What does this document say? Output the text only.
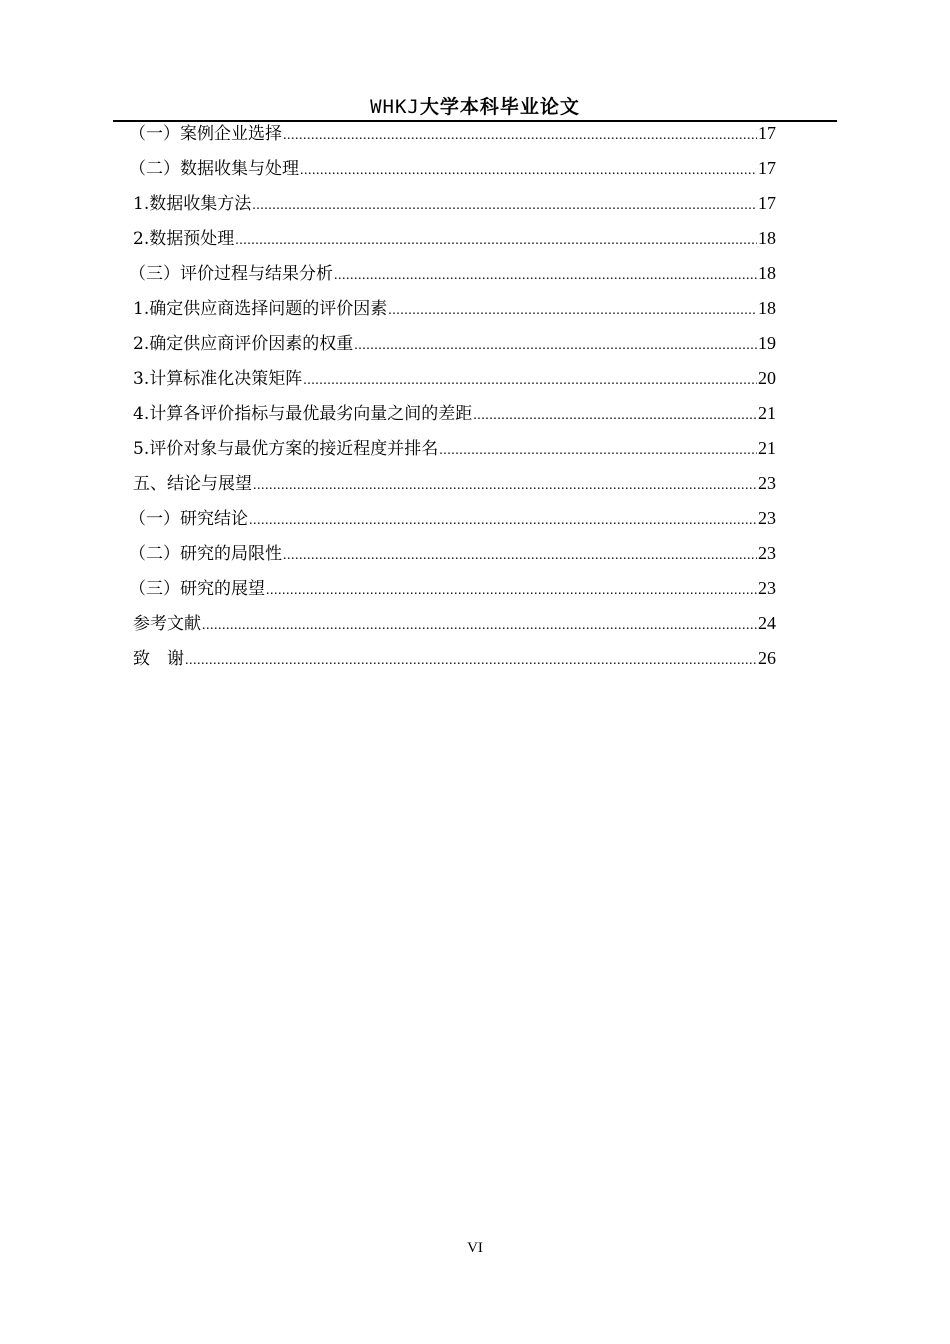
WHKJ大学本科毕业论文
（一）案例企业选择 .....	17
（二）数据收集与处理 .....	17
1.数据收集方法 .....	17
2.数据预处理 .....	18
（三）评价过程与结果分析 .....	18
1.确定供应商选择问题的评价因素 .....	18
2.确定供应商评价因素的权重 .....	19
3.计算标准化决策矩阵 .....	20
4.计算各评价指标与最优最劣向量之间的差距 .....	21
5.评价对象与最优方案的接近程度并排名 .....	21
五、结论与展望 .....	23
（一）研究结论 .....	23
（二）研究的局限性 .....	23
（三）研究的展望 .....	23
参考文献 .....	24
致　谢 .....	26
VI
